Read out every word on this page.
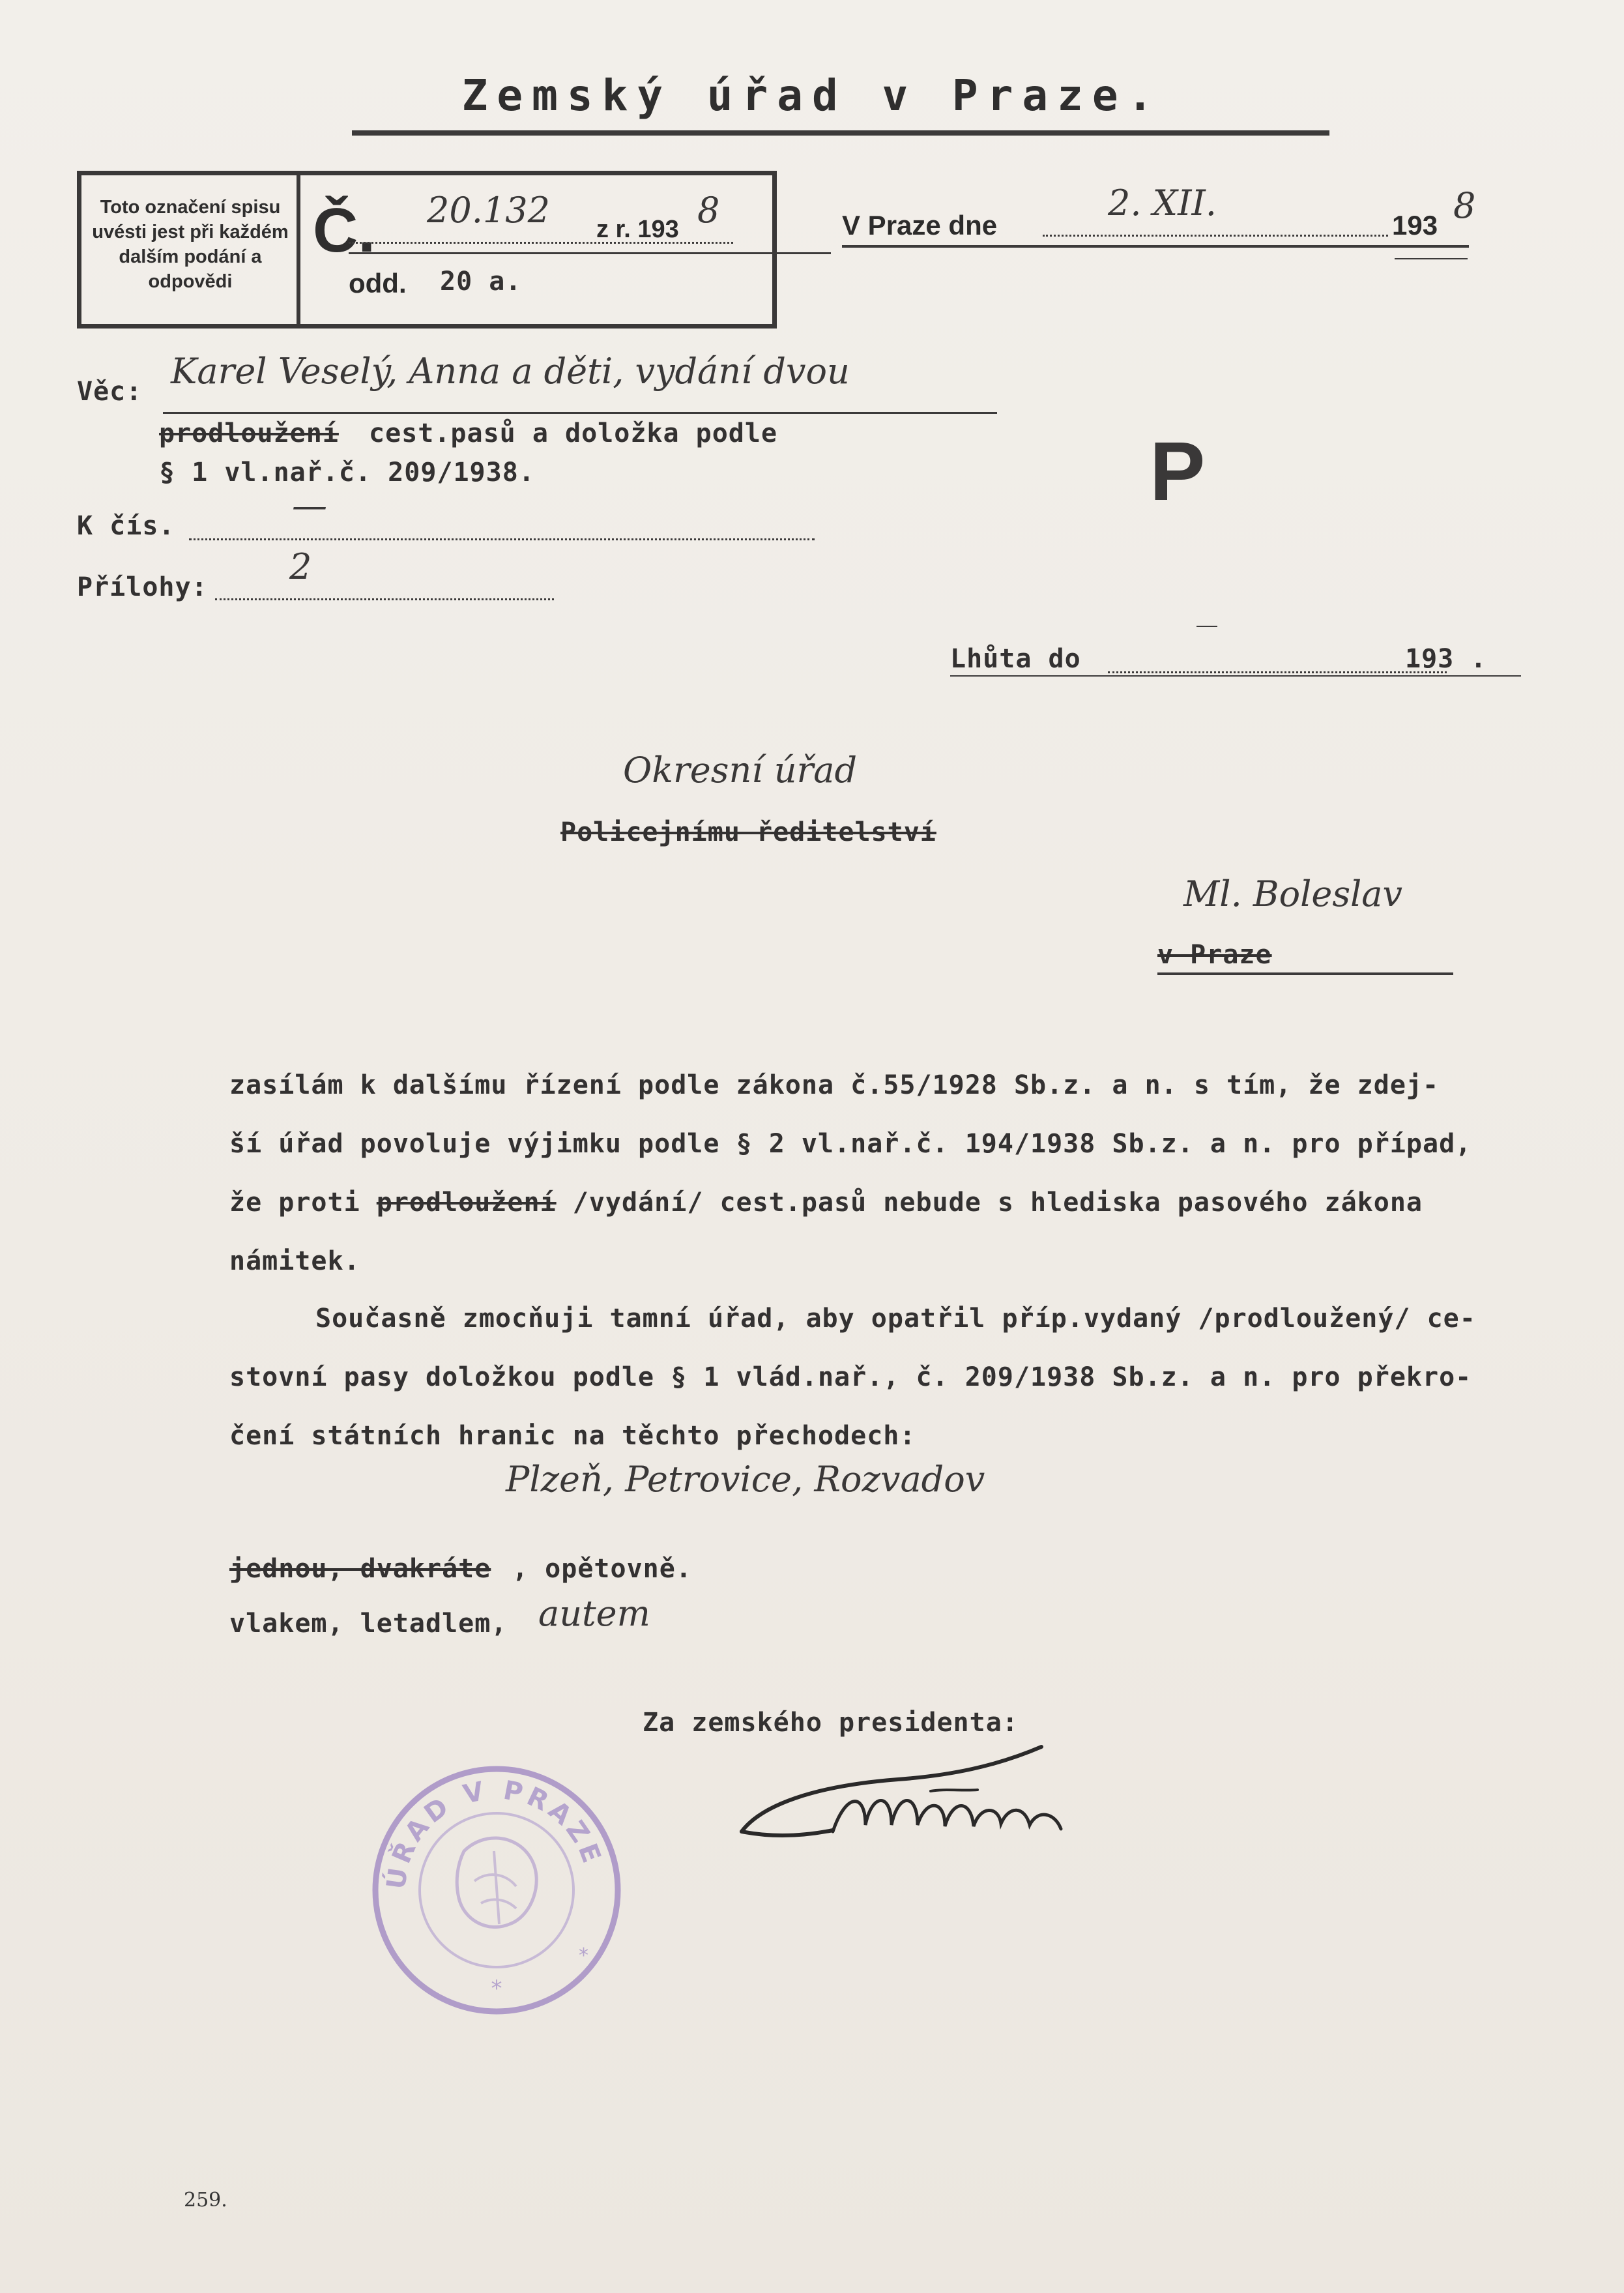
Zemský úřad v Praze.
Toto označení spisu uvésti jest při každém dalším podání a odpovědi
Č. 20.132 z r. 193 8
odd. 20 a.
V Praze dne
2. XII.
193 8
Věc: Karel Veselý, Anna a děti, vydání dvou
prodloužení cest.pasů a doložka podle
§ 1 vl.nař.č. 209/1938.
K čís.	—
Přílohy: 2
P
Lhůta do	193 .
Okresní úřad
Policejnímu ředitelství
Ml. Boleslav
v Praze
zasílám k dalšímu řízení podle zákona č.55/1928 Sb.z. a n. s tím, že zdej-
ší úřad povoluje výjimku podle § 2 vl.nař.č. 194/1938 Sb.z. a n. pro případ,
že proti prodloužení /vydání/ cest.pasů nebude s hlediska pasového zákona
námitek.
Současně zmocňuji tamní úřad, aby opatřil příp.vydaný /prodloužený/ ce-
stovní pasy doložkou podle § 1 vlád.nař., č. 209/1938 Sb.z. a n. pro překro-
čení státních hranic na těchto přechodech:
Plzeň, Petrovice, Rozvadov
jednou, dvakráte , opětovně.
vlakem, letadlem, autem
Za zemského presidenta:
ÚŘAD V PRAZE
*
*
259.
